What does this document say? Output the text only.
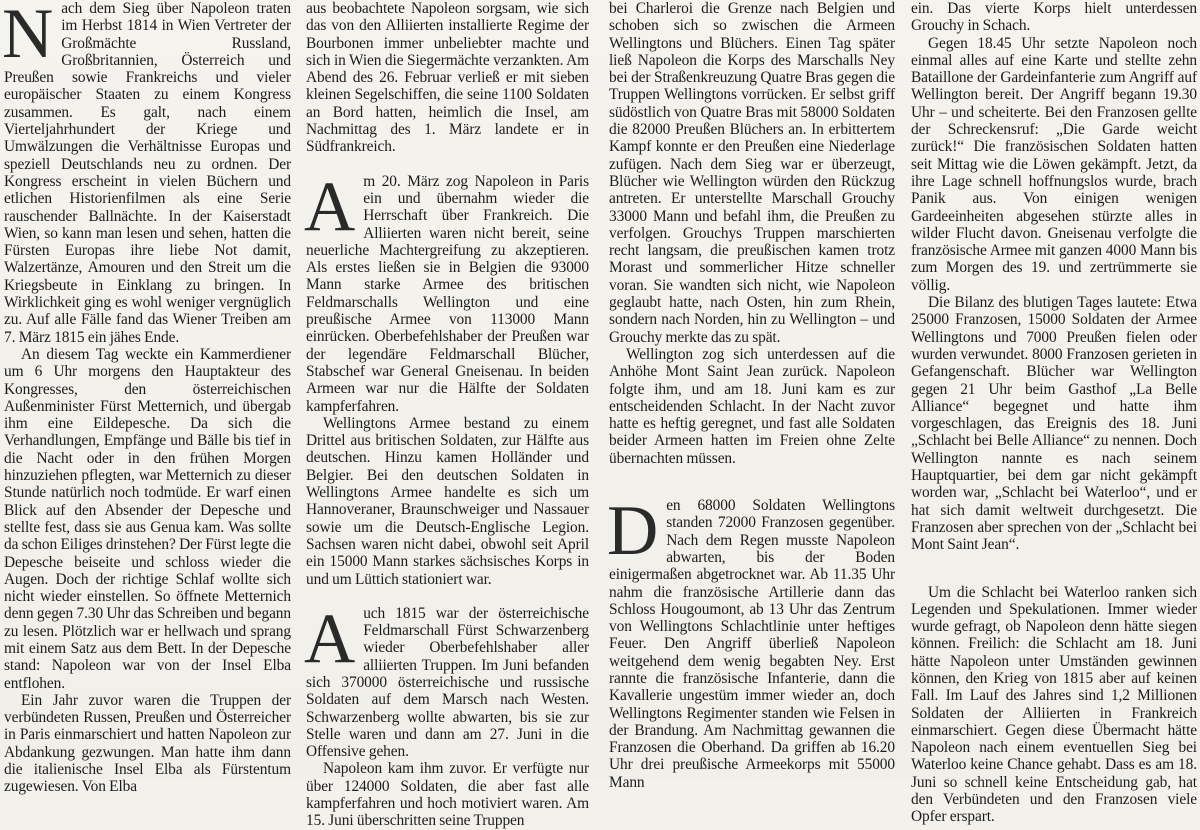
Nach dem Sieg über Napoleon traten im Herbst 1814 in Wien Vertreter der Großmächte Russland, Großbritannien, Österreich und Preußen sowie Frankreichs und vieler europäischer Staaten zu einem Kongress zusammen. Es galt, nach einem Vierteljahrhundert der Kriege und Umwälzungen die Verhältnisse Europas und speziell Deutschlands neu zu ordnen. Der Kongress erscheint in vielen Büchern und etlichen Historienfilmen als eine Serie rauschender Ballnächte. In der Kaiserstadt Wien, so kann man lesen und sehen, hatten die Fürsten Europas ihre liebe Not damit, Walzertänze, Amouren und den Streit um die Kriegsbeute in Einklang zu bringen. In Wirklichkeit ging es wohl weniger vergnüglich zu. Auf alle Fälle fand das Wiener Treiben am 7. März 1815 ein jähes Ende.

An diesem Tag weckte ein Kammerdiener um 6 Uhr morgens den Hauptakteur des Kongresses, den österreichischen Außenminister Fürst Metternich, und übergab ihm eine Eildepesche. Da sich die Verhandlungen, Empfänge und Bälle bis tief in die Nacht oder in den frühen Morgen hinzuziehen pflegten, war Metternich zu dieser Stunde natürlich noch todmüde. Er warf einen Blick auf den Absender der Depesche und stellte fest, dass sie aus Genua kam. Was sollte da schon Eiliges drinstehen? Der Fürst legte die Depesche beiseite und schloss wieder die Augen. Doch der richtige Schlaf wollte sich nicht wieder einstellen. So öffnete Metternich denn gegen 7.30 Uhr das Schreiben und begann zu lesen. Plötzlich war er hellwach und sprang mit einem Satz aus dem Bett. In der Depesche stand: Napoleon war von der Insel Elba entflohen.

Ein Jahr zuvor waren die Truppen der verbündeten Russen, Preußen und Österreicher in Paris einmarschiert und hatten Napoleon zur Abdankung gezwungen. Man hatte ihm dann die italienische Insel Elba als Fürstentum zugewiesen. Von Elba

aus beobachtete Napoleon sorgsam, wie sich das von den Alliierten installierte Regime der Bourbonen immer unbeliebter machte und sich in Wien die Siegermächte verzankten. Am Abend des 26. Februar verließ er mit sieben kleinen Segelschiffen, die seine 1100 Soldaten an Bord hatten, heimlich die Insel, am Nachmittag des 1. März landete er in Südfrankreich.

Am 20. März zog Napoleon in Paris ein und übernahm wieder die Herrschaft über Frankreich. Die Alliierten waren nicht bereit, seine neuerliche Machtergreifung zu akzeptieren. Als erstes ließen sie in Belgien die 93000 Mann starke Armee des britischen Feldmarschalls Wellington und eine preußische Armee von 113000 Mann einrücken. Oberbefehlshaber der Preußen war der legendäre Feldmarschall Blücher, Stabschef war General Gneisenau. In beiden Armeen war nur die Hälfte der Soldaten kampferfahren.

Wellingtons Armee bestand zu einem Drittel aus britischen Soldaten, zur Hälfte aus deutschen. Hinzu kamen Holländer und Belgier. Bei den deutschen Soldaten in Wellingtons Armee handelte es sich um Hannoveraner, Braunschweiger und Nassauer sowie um die Deutsch-Englische Legion. Sachsen waren nicht dabei, obwohl seit April ein 15000 Mann starkes sächsisches Korps in und um Lüttich stationiert war.

Auch 1815 war der österreichische Feldmarschall Fürst Schwarzenberg wieder Oberbefehlshaber aller alliierten Truppen. Im Juni befanden sich 370000 österreichische und russische Soldaten auf dem Marsch nach Westen. Schwarzenberg wollte abwarten, bis sie zur Stelle waren und dann am 27. Juni in die Offensive gehen.

Napoleon kam ihm zuvor. Er verfügte nur über 124000 Soldaten, die aber fast alle kampferfahren und hoch motiviert waren. Am 15. Juni überschritten seine Truppen

bei Charleroi die Grenze nach Belgien und schoben sich so zwischen die Armeen Wellingtons und Blüchers. Einen Tag später ließ Napoleon die Korps des Marschalls Ney bei der Straßenkreuzung Quatre Bras gegen die Truppen Wellingtons vorrücken. Er selbst griff südöstlich von Quatre Bras mit 58000 Soldaten die 82000 Preußen Blüchers an. In erbittertem Kampf konnte er den Preußen eine Niederlage zufügen. Nach dem Sieg war er überzeugt, Blücher wie Wellington würden den Rückzug antreten. Er unterstellte Marschall Grouchy 33000 Mann und befahl ihm, die Preußen zu verfolgen. Grouchys Truppen marschierten recht langsam, die preußischen kamen trotz Morast und sommerlicher Hitze schneller voran. Sie wandten sich nicht, wie Napoleon geglaubt hatte, nach Osten, hin zum Rhein, sondern nach Norden, hin zu Wellington – und Grouchy merkte das zu spät.

Wellington zog sich unterdessen auf die Anhöhe Mont Saint Jean zurück. Napoleon folgte ihm, und am 18. Juni kam es zur entscheidenden Schlacht. In der Nacht zuvor hatte es heftig geregnet, und fast alle Soldaten beider Armeen hatten im Freien ohne Zelte übernachten müssen.

Den 68000 Soldaten Wellingtons standen 72000 Franzosen gegenüber. Nach dem Regen musste Napoleon abwarten, bis der Boden einigermaßen abgetrocknet war. Ab 11.35 Uhr nahm die französische Artillerie dann das Schloss Hougoumont, ab 13 Uhr das Zentrum von Wellingtons Schlachtlinie unter heftiges Feuer. Den Angriff überließ Napoleon weitgehend dem wenig begabten Ney. Erst rannte die französische Infanterie, dann die Kavallerie ungestüm immer wieder an, doch Wellingtons Regimenter standen wie Felsen in der Brandung. Am Nachmittag gewannen die Franzosen die Oberhand. Da griffen ab 16.20 Uhr drei preußische Armeekorps mit 55000 Mann

ein. Das vierte Korps hielt unterdessen Grouchy in Schach.

Gegen 18.45 Uhr setzte Napoleon noch einmal alles auf eine Karte und stellte zehn Bataillone der Gardeinfanterie zum Angriff auf Wellington bereit. Der Angriff begann 19.30 Uhr – und scheiterte. Bei den Franzosen gellte der Schreckensruf: „Die Garde weicht zurück!“ Die französischen Soldaten hatten seit Mittag wie die Löwen gekämpft. Jetzt, da ihre Lage schnell hoffnungslos wurde, brach Panik aus. Von einigen wenigen Gardeeinheiten abgesehen stürzte alles in wilder Flucht davon. Gneisenau verfolgte die französische Armee mit ganzen 4000 Mann bis zum Morgen des 19. und zertrümmerte sie völlig.

Die Bilanz des blutigen Tages lautete: Etwa 25000 Franzosen, 15000 Soldaten der Armee Wellingtons und 7000 Preußen fielen oder wurden verwundet. 8000 Franzosen gerieten in Gefangenschaft. Blücher war Wellington gegen 21 Uhr beim Gasthof „La Belle Alliance“ begegnet und hatte ihm vorgeschlagen, das Ereignis des 18. Juni „Schlacht bei Belle Alliance“ zu nennen. Doch Wellington nannte es nach seinem Hauptquartier, bei dem gar nicht gekämpft worden war, „Schlacht bei Waterloo“, und er hat sich damit weltweit durchgesetzt. Die Franzosen aber sprechen von der „Schlacht bei Mont Saint Jean“.

Um die Schlacht bei Waterloo ranken sich Legenden und Spekulationen. Immer wieder wurde gefragt, ob Napoleon denn hätte siegen können. Freilich: die Schlacht am 18. Juni hätte Napoleon unter Umständen gewinnen können, den Krieg von 1815 aber auf keinen Fall. Im Lauf des Jahres sind 1,2 Millionen Soldaten der Alliierten in Frankreich einmarschiert. Gegen diese Übermacht hätte Napoleon nach einem eventuellen Sieg bei Waterloo keine Chance gehabt. Dass es am 18. Juni so schnell keine Entscheidung gab, hat den Verbündeten und den Franzosen viele Opfer erspart.
